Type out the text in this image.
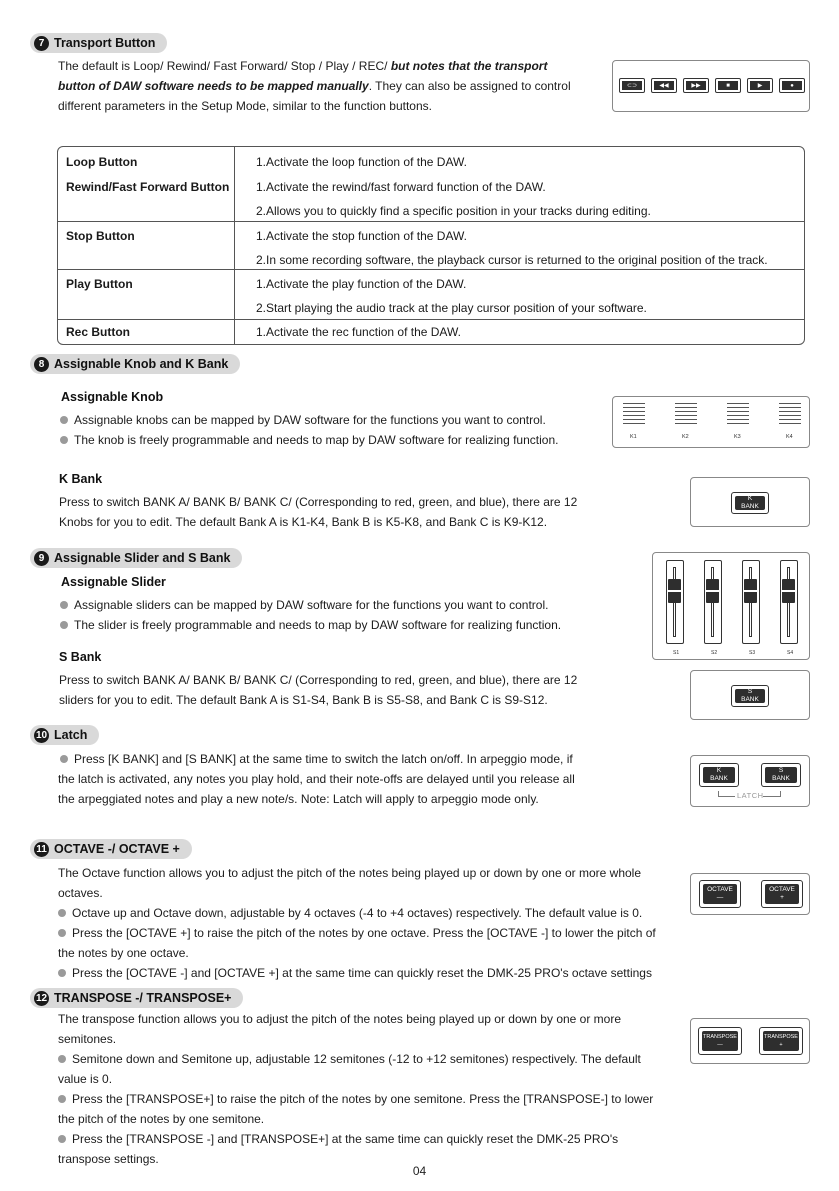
7 Transport Button
The default is Loop/ Rewind/ Fast Forward/ Stop / Play / REC/ but notes that the transport
button of DAW software needs to be mapped manually. They can also be assigned to control
different parameters in the Setup Mode, similar to the function buttons.
⊂⊃	◀◀	▶▶	■	▶	●
Loop Button	1.Activate the loop function of the DAW.
Rewind/Fast Forward Button 1.Activate the rewind/fast forward function of the DAW.
2.Allows you to quickly find a specific position in your tracks during editing.
Stop Button	1.Activate the stop function of the DAW.
2.In some recording software, the playback cursor is returned to the original position of the track.
Play Button	1.Activate the play function of the DAW.
2.Start playing the audio track at the play cursor position of your software.
Rec Button	1.Activate the rec function of the DAW.
8 Assignable Knob and K Bank
Assignable Knob
Assignable knobs can be mapped by DAW software for the functions you want to control.
The knob is freely programmable and needs to map by DAW software for realizing function.	K1	K2	K3	K4
K Bank
Press to switch BANK A/ BANK B/ BANK C/ (Corresponding to red, green, and blue), there are 12
Knobs for you to edit. The default Bank A is K1-K4, Bank B is K5-K8, and Bank C is K9-K12.
K
BANK
9 Assignable Slider and S Bank
Assignable Slider
Assignable sliders can be mapped by DAW software for the functions you want to control.
The slider is freely programmable and needs to map by DAW software for realizing function.
S1	S2	S3	S4
S Bank
Press to switch BANK A/ BANK B/ BANK C/ (Corresponding to red, green, and blue), there are 12
sliders for you to edit. The default Bank A is S1-S4, Bank B is S5-S8, and Bank C is S9-S12.
S
BANK
10 Latch
Press [K BANK] and [S BANK] at the same time to switch the latch on/off. In arpeggio mode, if
the latch is activated, any notes you play hold, and their note-offs are delayed until you release all
the arpeggiated notes and play a new note/s. Note: Latch will apply to arpeggio mode only.
K
BANK
S
BANK
LATCH
11 OCTAVE -/ OCTAVE +
The Octave function allows you to adjust the pitch of the notes being played up or down by one or more whole
octaves.
Octave up and Octave down, adjustable by 4 octaves (-4 to +4 octaves) respectively. The default value is 0.
Press the [OCTAVE +] to raise the pitch of the notes by one octave. Press the [OCTAVE -] to lower the pitch of
the notes by one octave.
Press the [OCTAVE -] and [OCTAVE +] at the same time can quickly reset the DMK-25 PRO's octave settings
OCTAVE
—
OCTAVE
+
12 TRANSPOSE -/ TRANSPOSE+
The transpose function allows you to adjust the pitch of the notes being played up or down by one or more
semitones.
Semitone down and Semitone up, adjustable 12 semitones (-12 to +12 semitones) respectively. The default
value is 0.
Press the [TRANSPOSE+] to raise the pitch of the notes by one semitone. Press the [TRANSPOSE-] to lower
the pitch of the notes by one semitone.
Press the [TRANSPOSE -] and [TRANSPOSE+] at the same time can quickly reset the DMK-25 PRO's
transpose settings.
TRANSPOSE
—
TRANSPOSE
+
04
